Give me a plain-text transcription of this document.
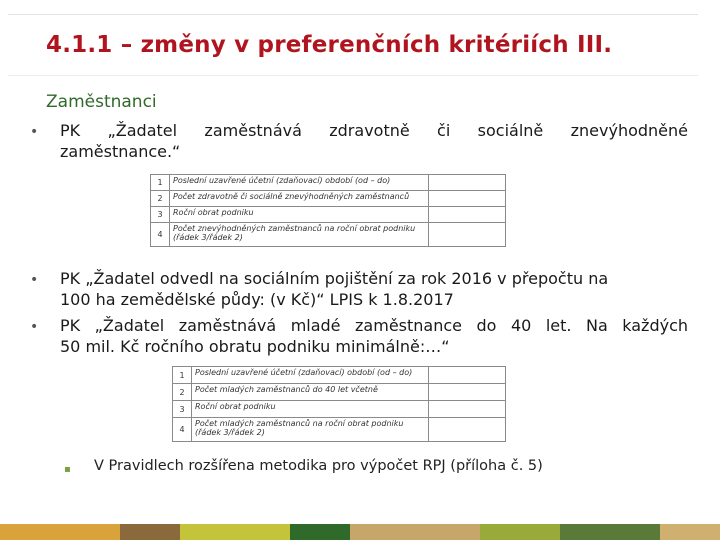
4.1.1 – změny v preferenčních kritériích III.
Zaměstnanci
• PK „Žadatel zaměstnává zdravotně či sociálně znevýhodněné
zaměstnance.“
1	Poslední uzavřené účetní (zdaňovací) období (od – do)	
2	Počet zdravotně či sociálně znevýhodněných zaměstnanců	
3	Roční obrat podniku	
4	Počet znevýhodněných zaměstnanců na roční obrat podniku (řádek 3/řádek 2)	
• PK „Žadatel odvedl na sociálním pojištění za rok 2016 v přepočtu na
100 ha zemědělské půdy: (v Kč)“ LPIS k 1.8.2017
• PK „Žadatel zaměstnává mladé zaměstnance do 40 let. Na každých
50 mil. Kč ročního obratu podniku minimálně:…“
1	Poslední uzavřené účetní (zdaňovací) období (od – do)	
2	Počet mladých zaměstnanců do 40 let včetně	
3	Roční obrat podniku	
4	Počet mladých zaměstnanců na roční obrat podniku (řádek 3/řádek 2)	
▪ V Pravidlech rozšířena metodika pro výpočet RPJ (příloha č. 5)
